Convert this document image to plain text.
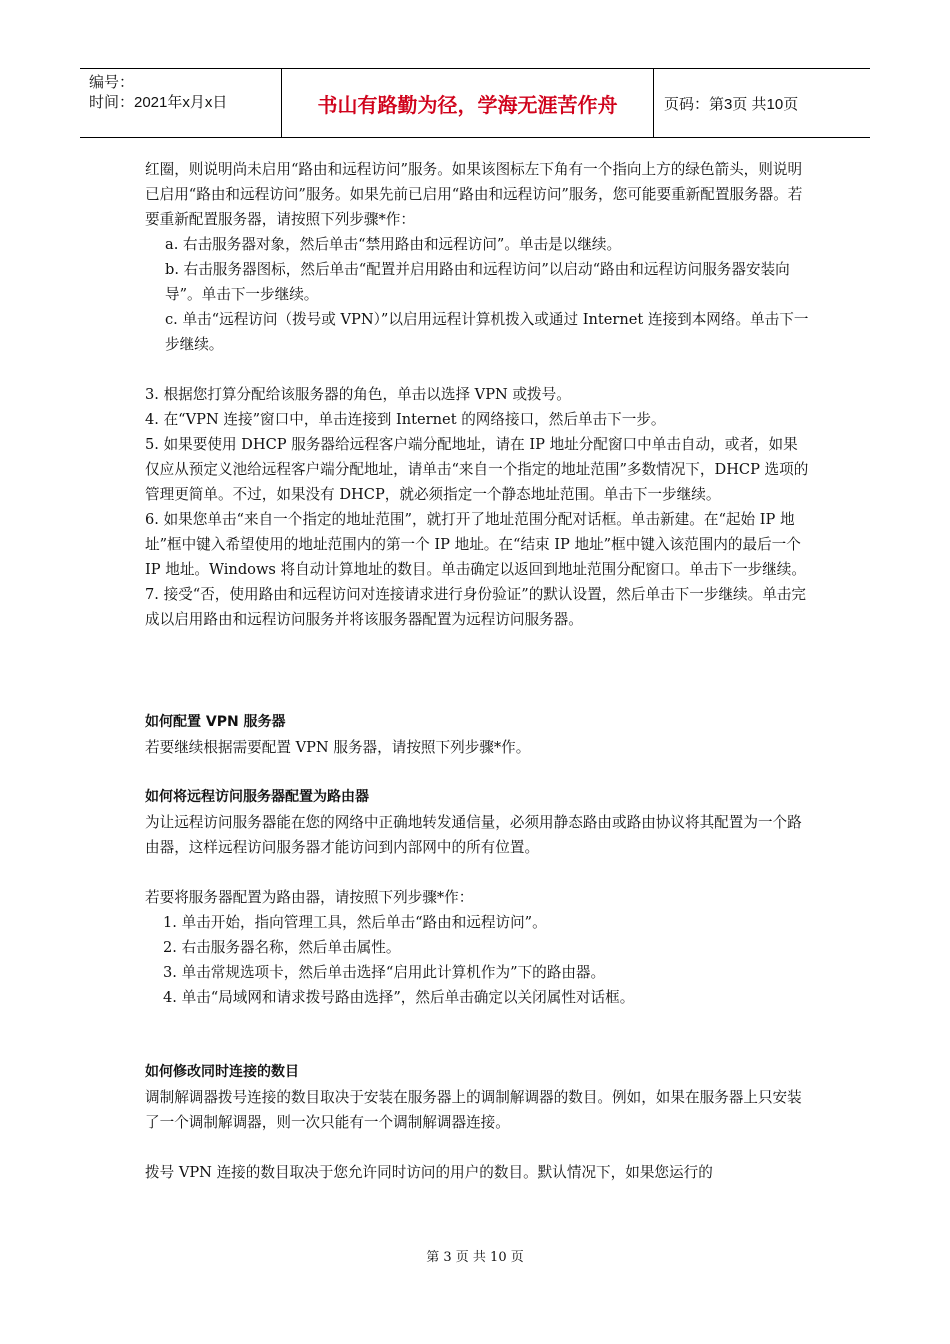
编号：
时间：2021年x月x日	书山有路勤为径，学海无涯苦作舟	页码：第3页 共10页

红圈，则说明尚未启用“路由和远程访问”服务。如果该图标左下角有一个指向上方的绿色箭头，则说明已启用“路由和远程访问”服务。如果先前已启用“路由和远程访问”服务，您可能要重新配置服务器。若要重新配置服务器，请按照下列步骤*作：

a. 右击服务器对象，然后单击“禁用路由和远程访问”。单击是以继续。

b. 右击服务器图标，然后单击“配置并启用路由和远程访问”以启动“路由和远程访问服务器安装向导”。单击下一步继续。

c. 单击“远程访问（拨号或 VPN）”以启用远程计算机拨入或通过 Internet 连接到本网络。单击下一步继续。

3. 根据您打算分配给该服务器的角色，单击以选择 VPN 或拨号。

4. 在“VPN 连接”窗口中，单击连接到 Internet 的网络接口，然后单击下一步。

5. 如果要使用 DHCP 服务器给远程客户端分配地址，请在 IP 地址分配窗口中单击自动，或者，如果仅应从预定义池给远程客户端分配地址，请单击“来自一个指定的地址范围”多数情况下，DHCP 选项的管理更简单。不过，如果没有 DHCP，就必须指定一个静态地址范围。单击下一步继续。

6. 如果您单击“来自一个指定的地址范围”，就打开了地址范围分配对话框。单击新建。在“起始 IP 地址”框中键入希望使用的地址范围内的第一个 IP 地址。在“结束 IP 地址”框中键入该范围内的最后一个 IP 地址。Windows 将自动计算地址的数目。单击确定以返回到地址范围分配窗口。单击下一步继续。

7. 接受“否，使用路由和远程访问对连接请求进行身份验证”的默认设置，然后单击下一步继续。单击完成以启用路由和远程访问服务并将该服务器配置为远程访问服务器。

如何配置 VPN 服务器

若要继续根据需要配置 VPN 服务器，请按照下列步骤*作。

如何将远程访问服务器配置为路由器

为让远程访问服务器能在您的网络中正确地转发通信量，必须用静态路由或路由协议将其配置为一个路由器，这样远程访问服务器才能访问到内部网中的所有位置。

若要将服务器配置为路由器，请按照下列步骤*作：

1. 单击开始，指向管理工具，然后单击“路由和远程访问”。

2. 右击服务器名称，然后单击属性。

3. 单击常规选项卡，然后单击选择“启用此计算机作为”下的路由器。

4. 单击“局域网和请求拨号路由选择”，然后单击确定以关闭属性对话框。

如何修改同时连接的数目

调制解调器拨号连接的数目取决于安装在服务器上的调制解调器的数目。例如，如果在服务器上只安装了一个调制解调器，则一次只能有一个调制解调器连接。

拨号 VPN 连接的数目取决于您允许同时访问的用户的数目。默认情况下，如果您运行的

第 3 页 共 10 页
